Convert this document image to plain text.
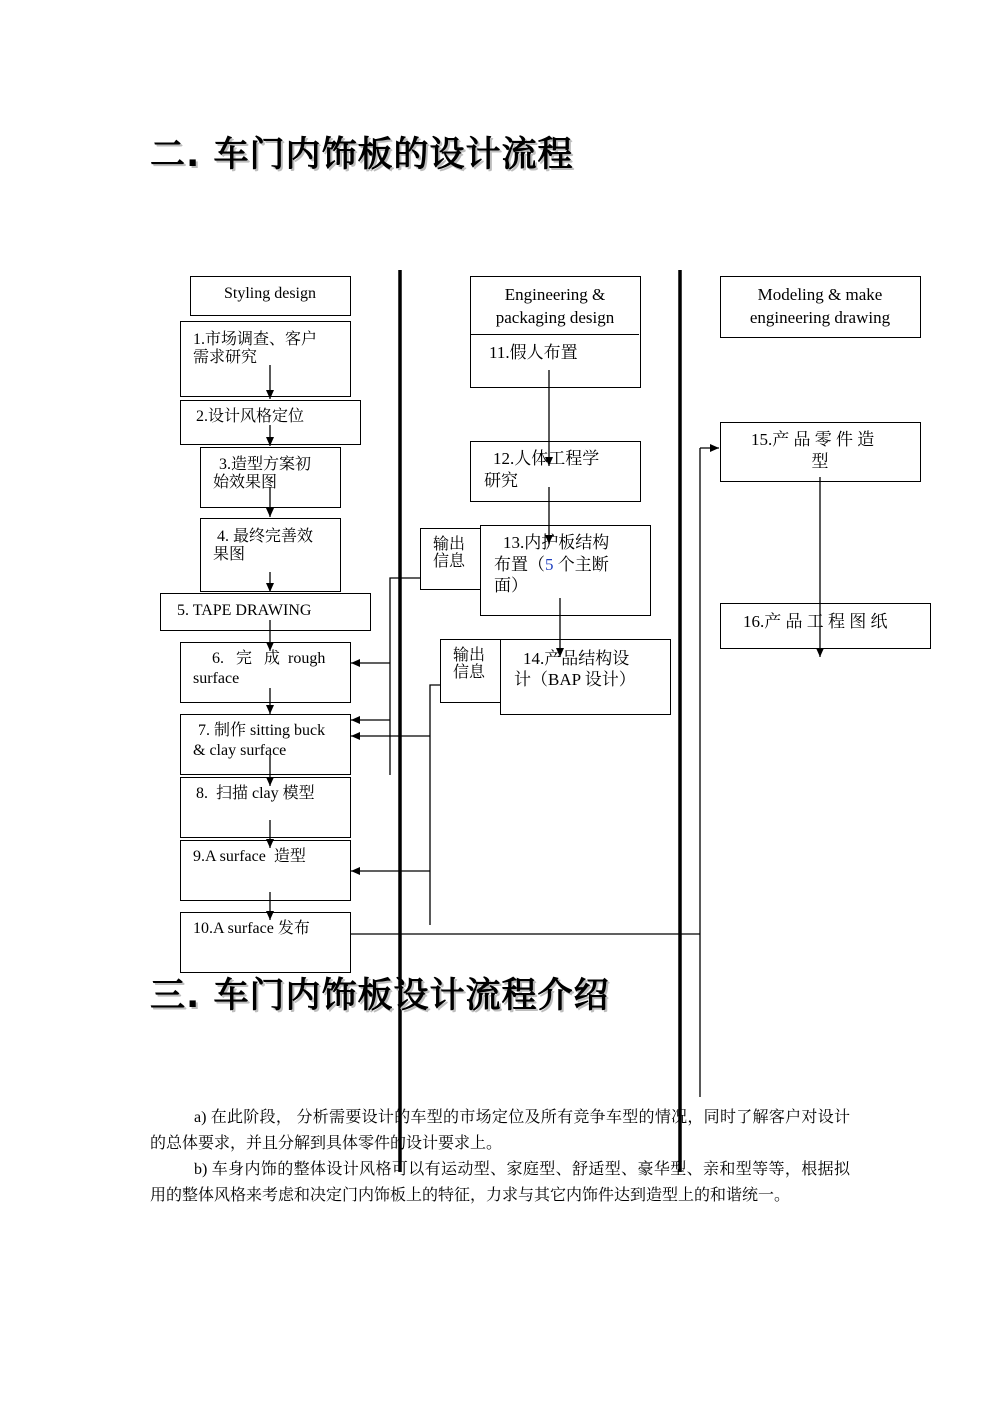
二. 车门内饰板的设计流程
Styling design	Engineering &
packaging design
11.假人布置
Modeling & make
engineering drawing
1.市场调查、客户
需求研究
2.设计风格定位
3.造型方案初
始效果图
4. 最终完善效
果图
5. TAPE DRAWING
6.   完   成  rough
surface
7. 制作 sitting buck
& clay surface
8.  扫描 clay 模型
9.A surface  造型
10.A surface 发布
12.人体工程学
研究
输出
信息
13.内护板结构
布置（5 个主断
面）
输出
信息
14.产品结构设
计（BAP 设计）
15.产 品 零 件 造
型
16.产 品 工 程 图 纸
三. 车门内饰板设计流程介绍

a) 在此阶段， 分析需要设计的车型的市场定位及所有竞争车型的情况，同时了解客户对设计的总体要求，并且分解到具体零件的设计要求上。

b) 车身内饰的整体设计风格可以有运动型、家庭型、舒适型、豪华型、亲和型等等，根据拟用的整体风格来考虑和决定门内饰板上的特征，力求与其它内饰件达到造型上的和谐统一。
